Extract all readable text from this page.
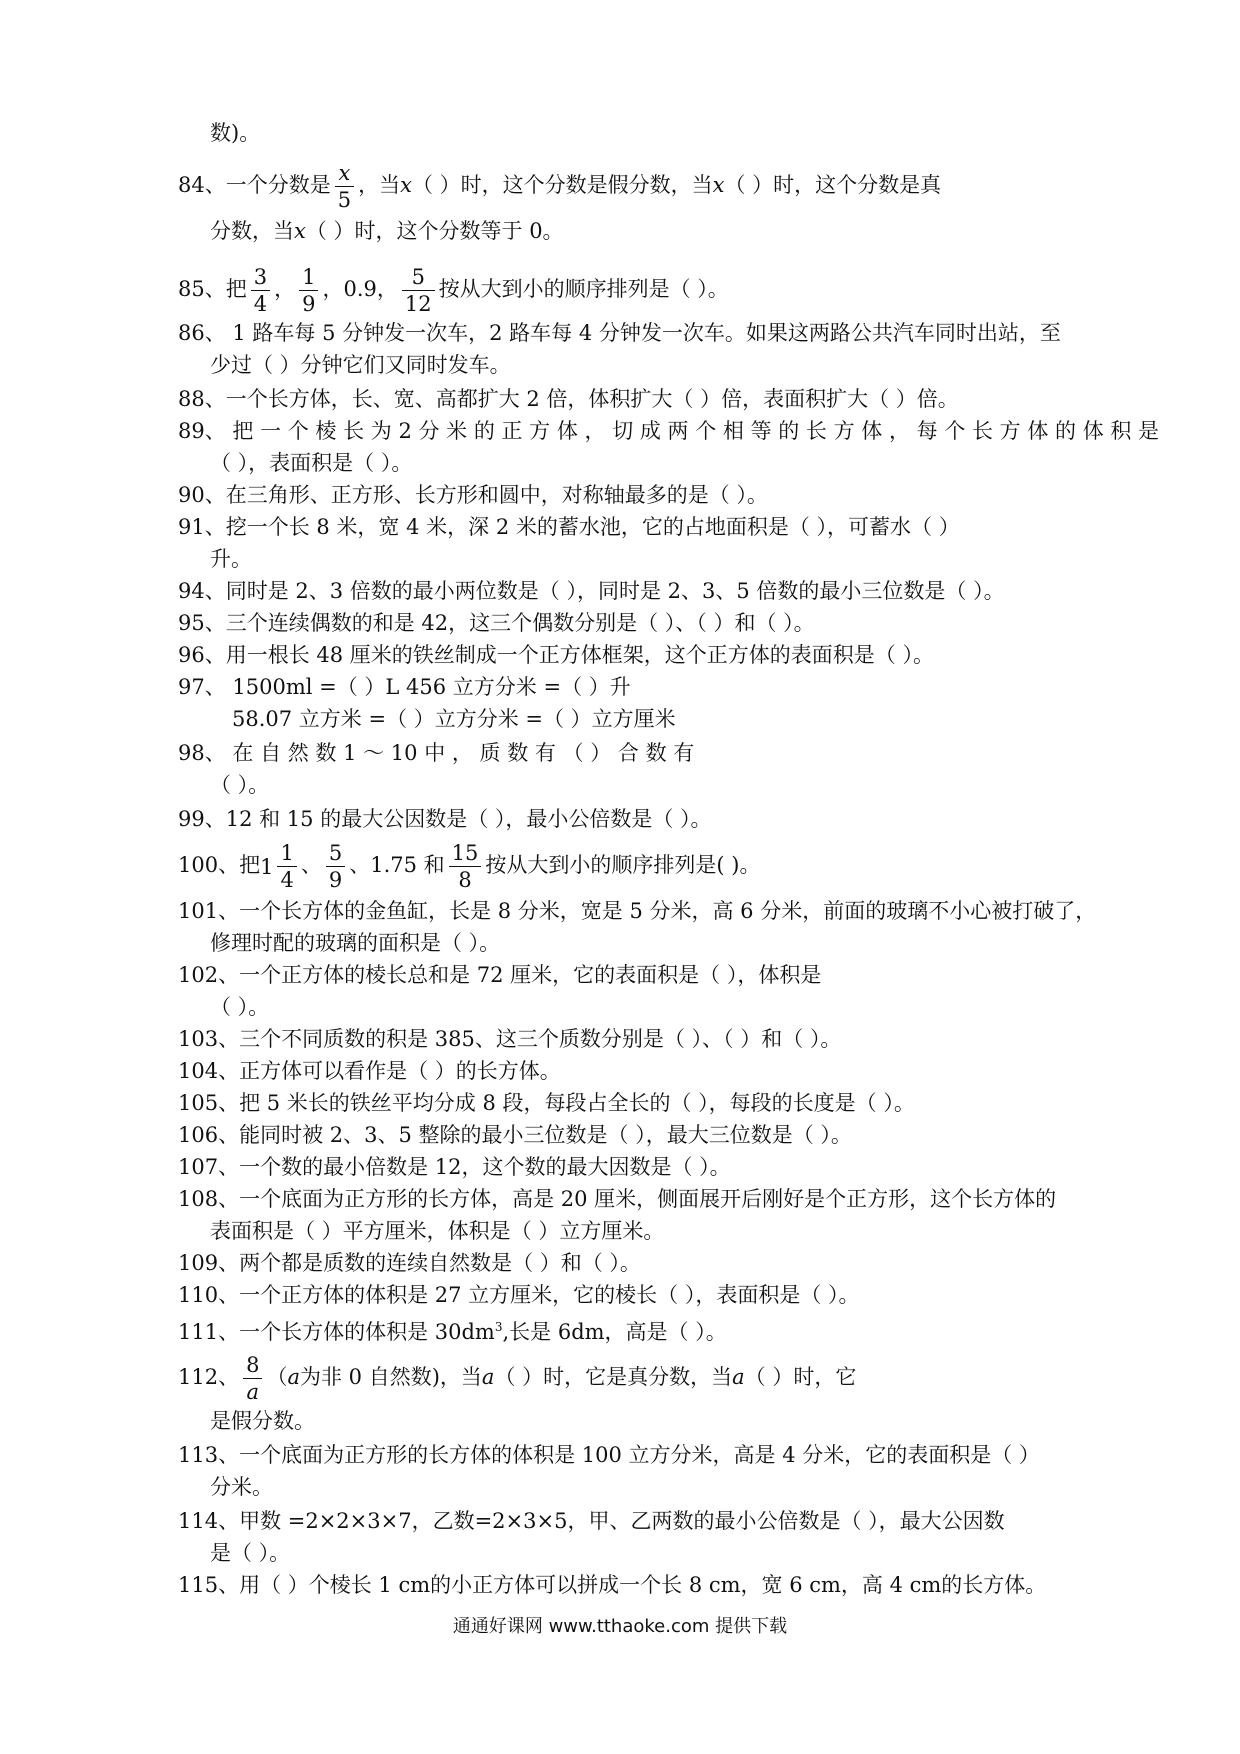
数)。
84、一个分数是 $\frac{x}{5}$ ，当x（ ）时，这个分数是假分数，当x（ ）时，这个分数是真
分数，当x（ ）时，这个分数等于 0。
85、把 $\frac{3}{4}$ ， $\frac{1}{9}$ ，0.9， $\frac{5}{12}$ 按从大到小的顺序排列是（ ）。
86、 1 路车每 5 分钟发一次车，2 路车每 4 分钟发一次车。如果这两路公共汽车同时出站，至
少过（ ）分钟它们又同时发车。
88、一个长方体，长、宽、高都扩大 2 倍，体积扩大（ ）倍，表面积扩大（ ）倍。
89、 把 一 个 棱 长 为 2 分 米 的 正 方 体 ， 切 成 两 个 相 等 的 长 方 体 ， 每 个 长 方 体 的 体 积 是
（ ），表面积是（ ）。
90、在三角形、正方形、长方形和圆中，对称轴最多的是（ ）。
91、挖一个长 8 米，宽 4 米，深 2 米的蓄水池，它的占地面积是（ ），可蓄水（ ）
升。
94、同时是 2、3 倍数的最小两位数是（ ），同时是 2、3、5 倍数的最小三位数是（ ）。
95、三个连续偶数的和是 42，这三个偶数分别是（ ）、（ ）和（ ）。
96、用一根长 48 厘米的铁丝制成一个正方体框架，这个正方体的表面积是（ ）。
97、 1500ml =（ ）L 456 立方分米 =（ ）升
58.07 立方米 =（ ）立方分米 =（ ）立方厘米
98、 在 自 然 数 1 ～ 10 中 ， 质 数 有 （ ） 合 数 有
（ ）。
99、12 和 15 的最大公因数是（ ），最小公倍数是（ ）。
100、把$1 \frac{1}{4}$ 、 $\frac{5}{9}$ 、1.75 和 $\frac{15}{8}$ 按从大到小的顺序排列是( )。
101、一个长方体的金鱼缸，长是 8 分米，宽是 5 分米，高 6 分米，前面的玻璃不小心被打破了，
修理时配的玻璃的面积是（ ）。
102、一个正方体的棱长总和是 72 厘米，它的表面积是（ ），体积是
（ ）。
103、三个不同质数的积是 385、这三个质数分别是（ ）、（ ）和（ ）。
104、正方体可以看作是（ ）的长方体。
105、把 5 米长的铁丝平均分成 8 段，每段占全长的（ ），每段的长度是（ ）。
106、能同时被 2、3、5 整除的最小三位数是（ ），最大三位数是（ ）。
107、一个数的最小倍数是 12，这个数的最大因数是（ ）。
108、一个底面为正方形的长方体，高是 20 厘米，侧面展开后刚好是个正方形，这个长方体的
表面积是（ ）平方厘米，体积是（ ）立方厘米。
109、两个都是质数的连续自然数是（ ）和（ ）。
110、一个正方体的体积是 27 立方厘米，它的棱长（ ），表面积是（ ）。
111、一个长方体的体积是 $30dm^3$,长是 6dm，高是（ ）。
112、 $\frac{8}{a} (a$为非 0 自然数)，当a（ ）时，它是真分数，当a（ ）时，它
是假分数。
113、一个底面为正方形的长方体的体积是 100 立方分米，高是 4 分米，它的表面积是（ ）
分米。
114、甲数 =2×2×3×7，乙数=2×3×5，甲、乙两数的最小公倍数是（ ），最大公因数
是（ ）。
115、用（ ）个棱长 1 cm的小正方体可以拼成一个长 8 cm，宽 6 cm，高 4 cm的长方体。
通通好课网 www.tthaoke.com 提供下载
